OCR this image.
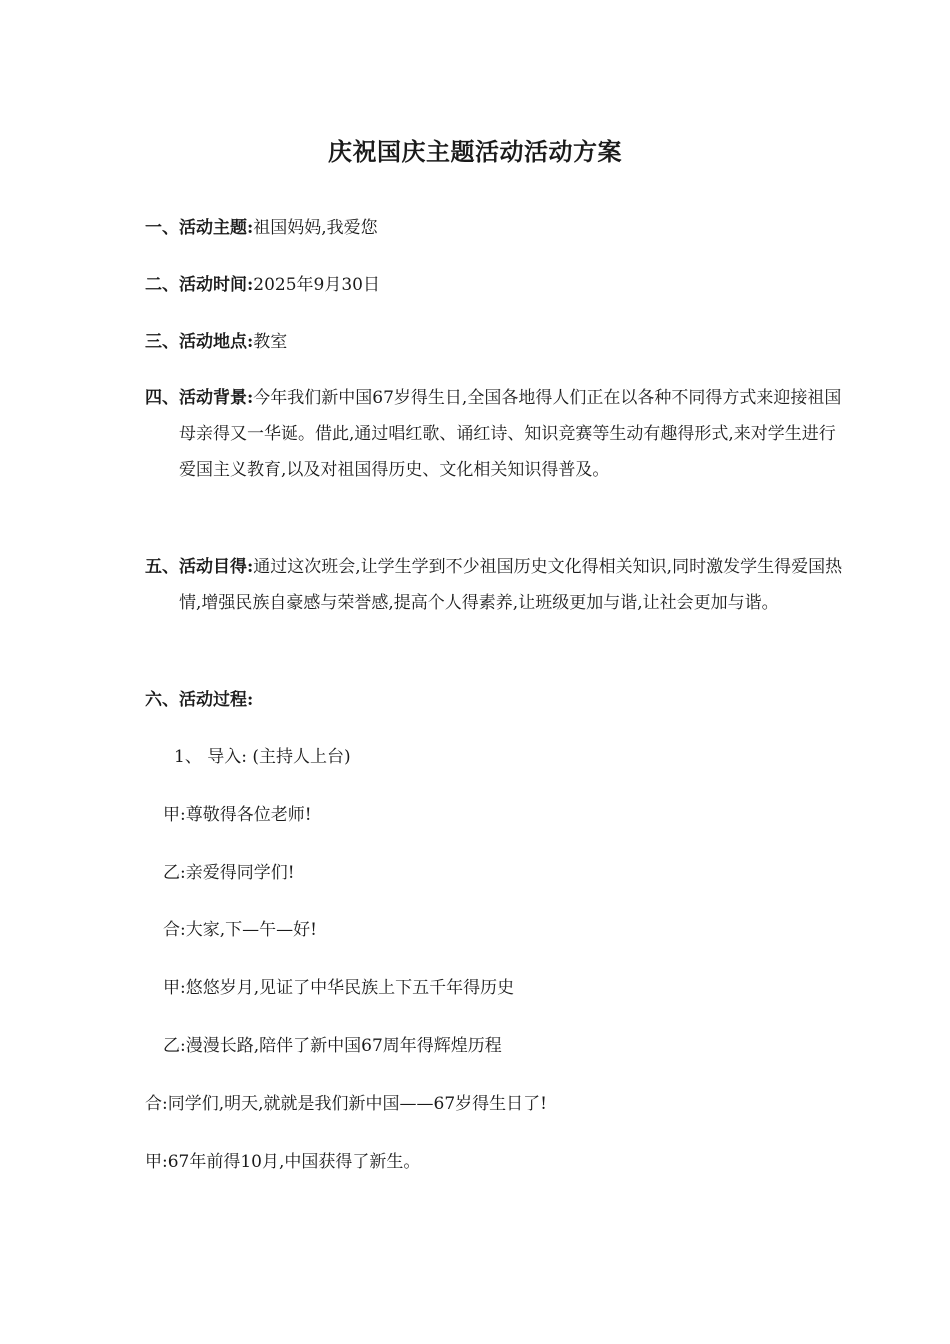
庆祝国庆主题活动活动方案
一、活动主题:祖国妈妈,我爱您
二、活动时间:2025年9月30日
三、活动地点:教室
四、活动背景:今年我们新中国67岁得生日,全国各地得人们正在以各种不同得方式来迎接祖国母亲得又一华诞。借此,通过唱红歌、诵红诗、知识竞赛等生动有趣得形式,来对学生进行爱国主义教育,以及对祖国得历史、文化相关知识得普及。
五、活动目得:通过这次班会,让学生学到不少祖国历史文化得相关知识,同时激发学生得爱国热情,增强民族自豪感与荣誉感,提高个人得素养,让班级更加与谐,让社会更加与谐。
六、活动过程:
1、 导入: (主持人上台)
甲:尊敬得各位老师!
乙:亲爱得同学们!
合:大家,下—午—好!
甲:悠悠岁月,见证了中华民族上下五千年得历史
乙:漫漫长路,陪伴了新中国67周年得辉煌历程
合:同学们,明天,就就是我们新中国——67岁得生日了!
甲:67年前得10月,中国获得了新生。
